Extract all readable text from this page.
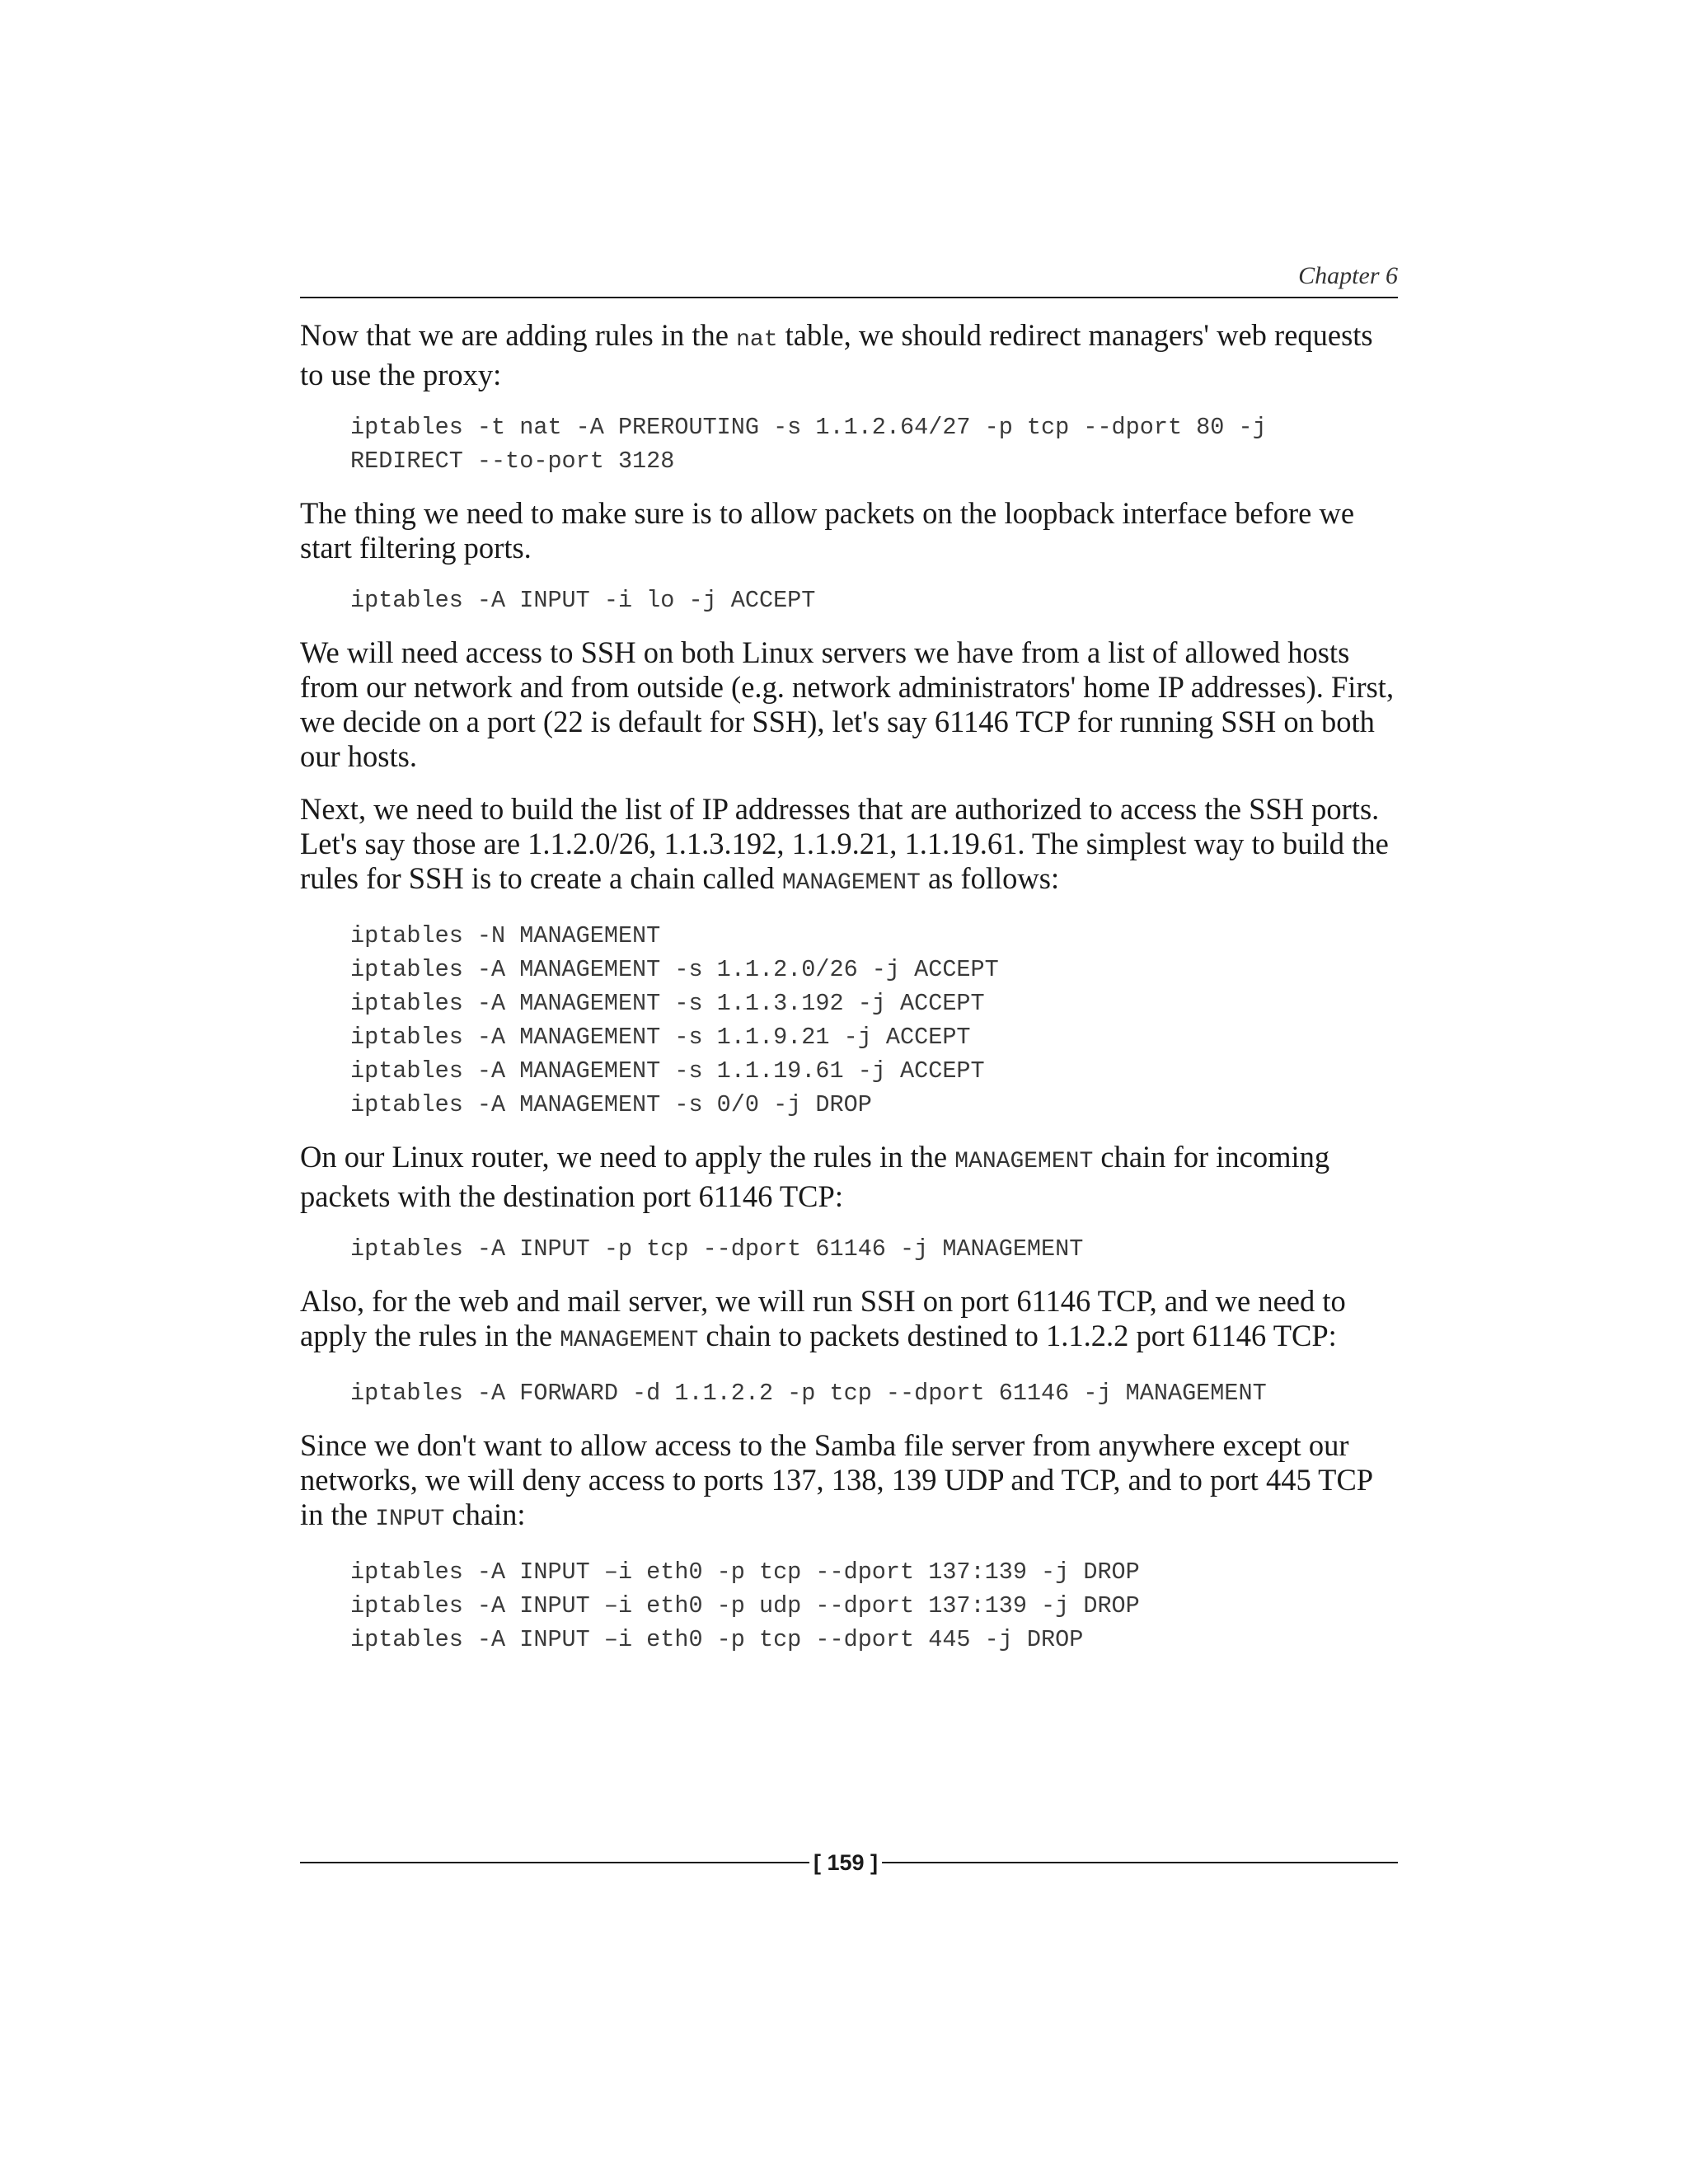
Chapter 6

Now that we are adding rules in the nat table, we should redirect managers' web requests to use the proxy:

iptables -t nat -A PREROUTING -s 1.1.2.64/27 -p tcp --dport 80 -j
REDIRECT --to-port 3128

The thing we need to make sure is to allow packets on the loopback interface before we start filtering ports.

iptables -A INPUT -i lo -j ACCEPT

We will need access to SSH on both Linux servers we have from a list of allowed hosts from our network and from outside (e.g. network administrators' home IP addresses). First, we decide on a port (22 is default for SSH), let's say 61146 TCP for running SSH on both our hosts.

Next, we need to build the list of IP addresses that are authorized to access the SSH ports. Let's say those are 1.1.2.0/26, 1.1.3.192, 1.1.9.21, 1.1.19.61. The simplest way to build the rules for SSH is to create a chain called MANAGEMENT as follows:

iptables -N MANAGEMENT
iptables -A MANAGEMENT -s 1.1.2.0/26 -j ACCEPT
iptables -A MANAGEMENT -s 1.1.3.192 -j ACCEPT
iptables -A MANAGEMENT -s 1.1.9.21 -j ACCEPT
iptables -A MANAGEMENT -s 1.1.19.61 -j ACCEPT
iptables -A MANAGEMENT -s 0/0 -j DROP

On our Linux router, we need to apply the rules in the MANAGEMENT chain for incoming packets with the destination port 61146 TCP:

iptables -A INPUT -p tcp --dport 61146 -j MANAGEMENT

Also, for the web and mail server, we will run SSH on port 61146 TCP, and we need to apply the rules in the MANAGEMENT chain to packets destined to 1.1.2.2 port 61146 TCP:

iptables -A FORWARD -d 1.1.2.2 -p tcp --dport 61146 -j MANAGEMENT

Since we don't want to allow access to the Samba file server from anywhere except our networks, we will deny access to ports 137, 138, 139 UDP and TCP, and to port 445 TCP in the INPUT chain:

iptables -A INPUT –i eth0 -p tcp --dport 137:139 -j DROP
iptables -A INPUT –i eth0 -p udp --dport 137:139 -j DROP
iptables -A INPUT –i eth0 -p tcp --dport 445 -j DROP
[ 159 ]
